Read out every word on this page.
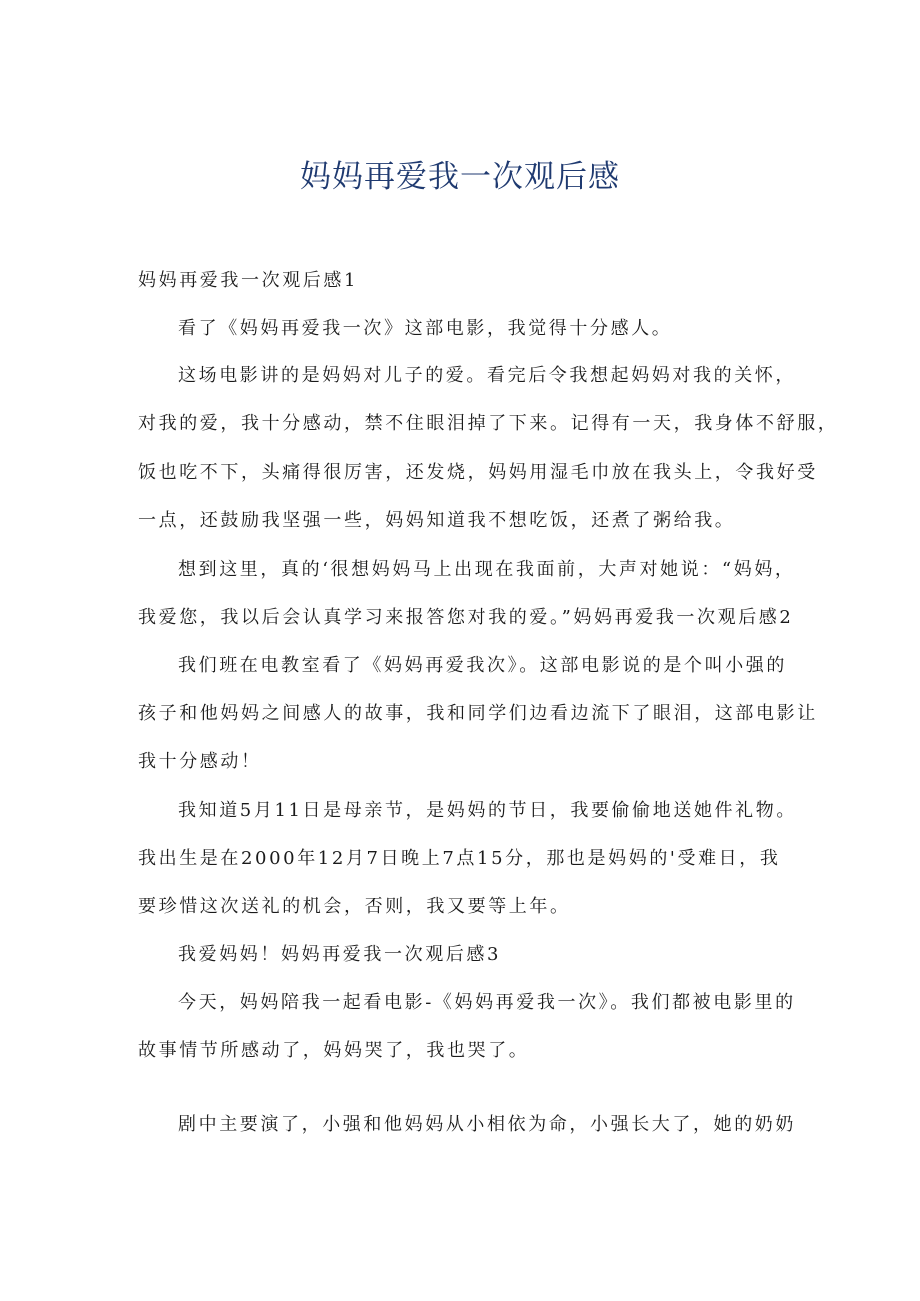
妈妈再爱我一次观后感
妈妈再爱我一次观后感1
看了《妈妈再爱我一次》这部电影，我觉得十分感人。
这场电影讲的是妈妈对儿子的爱。看完后令我想起妈妈对我的关怀，
对我的爱，我十分感动，禁不住眼泪掉了下来。记得有一天，我身体不舒服，
饭也吃不下，头痛得很厉害，还发烧，妈妈用湿毛巾放在我头上，令我好受
一点，还鼓励我坚强一些，妈妈知道我不想吃饭，还煮了粥给我。
想到这里，真的‘很想妈妈马上出现在我面前，大声对她说：“妈妈，
我爱您，我以后会认真学习来报答您对我的爱。”妈妈再爱我一次观后感2
我们班在电教室看了《妈妈再爱我次》。这部电影说的是个叫小强的
孩子和他妈妈之间感人的故事，我和同学们边看边流下了眼泪，这部电影让
我十分感动！
我知道5月11日是母亲节，是妈妈的节日，我要偷偷地送她件礼物。
我出生是在2000年12月7日晚上7点15分，那也是妈妈的'受难日，我
要珍惜这次送礼的机会，否则，我又要等上年。
我爱妈妈！妈妈再爱我一次观后感3
今天，妈妈陪我一起看电影-《妈妈再爱我一次》。我们都被电影里的
故事情节所感动了，妈妈哭了，我也哭了。
剧中主要演了，小强和他妈妈从小相依为命，小强长大了，她的奶奶
